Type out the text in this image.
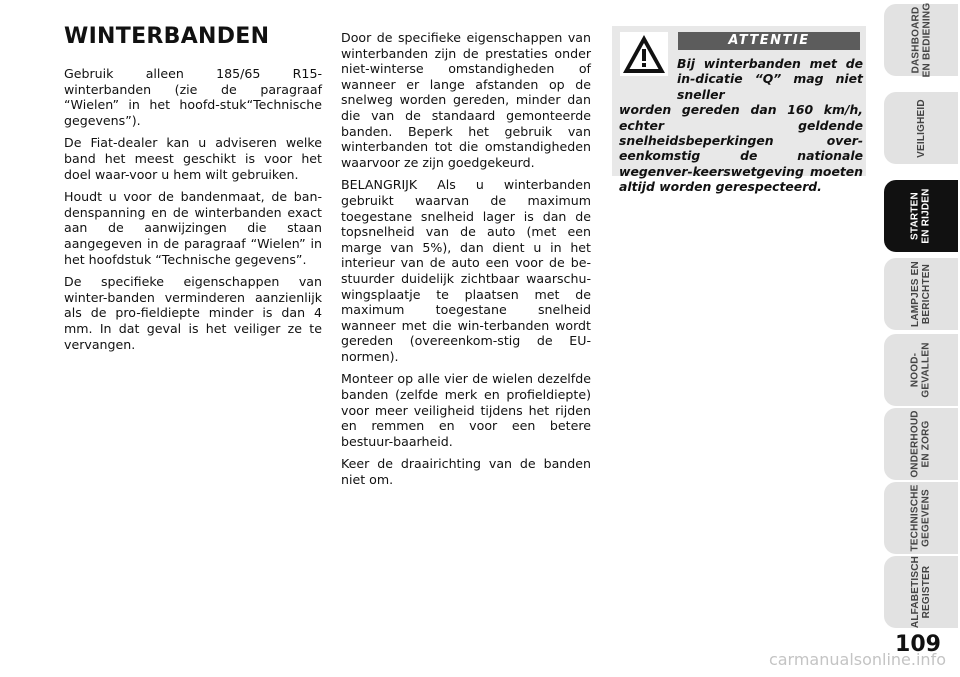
WINTERBANDEN

Gebruik alleen 185/65 R15-winterbanden (zie de paragraaf “Wielen” in het hoofd-stuk“Technische gegevens”).

De Fiat-dealer kan u adviseren welke band het meest geschikt is voor het doel waar-voor u hem wilt gebruiken.

Houdt u voor de bandenmaat, de ban-denspanning en de winterbanden exact aan de aanwijzingen die staan aangegeven in de paragraaf “Wielen” in het hoofdstuk “Technische gegevens”.

De specifieke eigenschappen van winter-banden verminderen aanzienlijk als de pro-fieldiepte minder is dan 4 mm. In dat geval is het veiliger ze te vervangen.

Door de specifieke eigenschappen van winterbanden zijn de prestaties onder niet-winterse omstandigheden of wanneer er lange afstanden op de snelweg worden gereden, minder dan die van de standaard gemonteerde banden. Beperk het gebruik van winterbanden tot die omstandigheden waarvoor ze zijn goedgekeurd.

BELANGRIJK Als u winterbanden gebruikt waarvan de maximum toegestane snelheid lager is dan de topsnelheid van de auto (met een marge van 5%), dan dient u in het interieur van de auto een voor de be-stuurder duidelijk zichtbaar waarschu-wingsplaatje te plaatsen met de maximum toegestane snelheid wanneer met die win-terbanden wordt gereden (overeenkom-stig de EU-normen).

Monteer op alle vier de wielen dezelfde banden (zelfde merk en profieldiepte) voor meer veiligheid tijdens het rijden en remmen en voor een betere bestuur-baarheid.

Keer de draairichting van de banden niet om.

ATTENTIE
Bij winterbanden met de in-dicatie “Q” mag niet sneller
worden gereden dan 160 km/h, echter geldende snelheidsbeperkingen over-eenkomstig de nationale wegenver-keerswetgeving moeten altijd worden gerespecteerd.
DASHBOARD
EN BEDIENING
VEILIGHEID
STARTEN
EN RIJDEN
LAMPJES EN
BERICHTEN
NOOD-
GEVALLEN
ONDERHOUD
EN ZORG
TECHNISCHE
GEGEVENS
ALFABETISCH
REGISTER
109
carmanualsonline.info
